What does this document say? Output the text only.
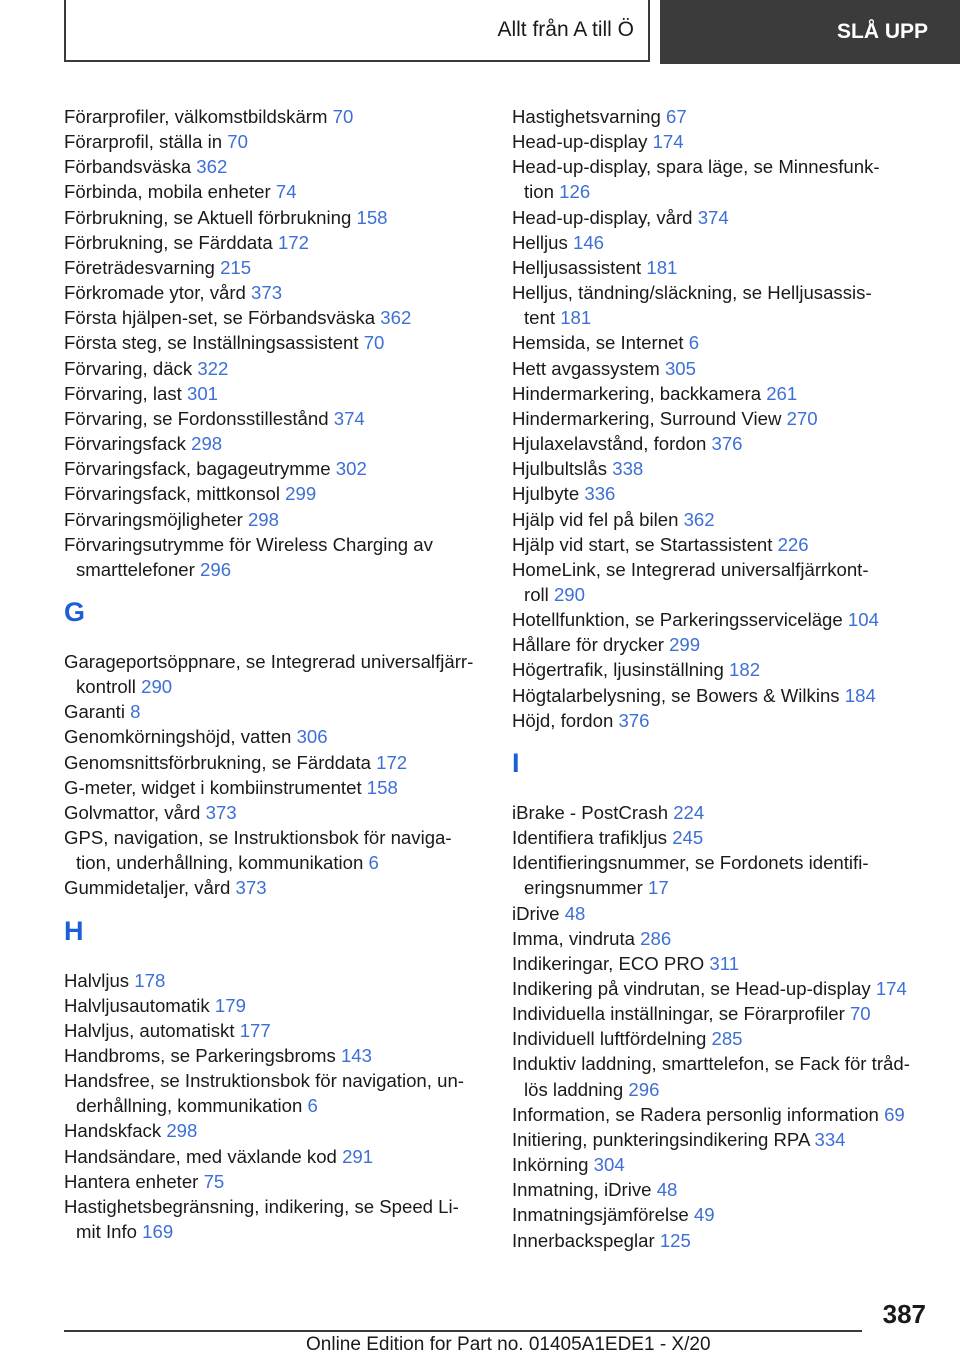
Allt från A till Ö	SLÅ UPP
Förarprofiler, välkomstbildskärm 70
Förarprofil, ställa in 70
Förbandsväska 362
Förbinda, mobila enheter 74
Förbrukning, se Aktuell förbrukning 158
Förbrukning, se Färddata 172
Företrädesvarning 215
Förkromade ytor, vård 373
Första hjälpen-set, se Förbandsväska 362
Första steg, se Inställningsassistent 70
Förvaring, däck 322
Förvaring, last 301
Förvaring, se Fordonsstillestånd 374
Förvaringsfack 298
Förvaringsfack, bagageutrymme 302
Förvaringsfack, mittkonsol 299
Förvaringsmöjligheter 298
Förvaringsutrymme för Wireless Charging av
smarttelefoner 296
G
Garageportsöppnare, se Integrerad universalfjärr-
kontroll 290
Garanti 8
Genomkörningshöjd, vatten 306
Genomsnittsförbrukning, se Färddata 172
G-meter, widget i kombiinstrumentet 158
Golvmattor, vård 373
GPS, navigation, se Instruktionsbok för naviga-
tion, underhållning, kommunikation 6
Gummidetaljer, vård 373
H
Halvljus 178
Halvljusautomatik 179
Halvljus, automatiskt 177
Handbroms, se Parkeringsbroms 143
Handsfree, se Instruktionsbok för navigation, un-
derhållning, kommunikation 6
Handskfack 298
Handsändare, med växlande kod 291
Hantera enheter 75
Hastighetsbegränsning, indikering, se Speed Li-
mit Info 169
Hastighetsvarning 67
Head-up-display 174
Head-up-display, spara läge, se Minnesfunk-
tion 126
Head-up-display, vård 374
Helljus 146
Helljusassistent 181
Helljus, tändning/släckning, se Helljusassis-
tent 181
Hemsida, se Internet 6
Hett avgassystem 305
Hindermarkering, backkamera 261
Hindermarkering, Surround View 270
Hjulaxelavstånd, fordon 376
Hjulbultslås 338
Hjulbyte 336
Hjälp vid fel på bilen 362
Hjälp vid start, se Startassistent 226
HomeLink, se Integrerad universalfjärrkont-
roll 290
Hotellfunktion, se Parkeringsserviceläge 104
Hållare för drycker 299
Högertrafik, ljusinställning 182
Högtalarbelysning, se Bowers & Wilkins 184
Höjd, fordon 376
I
iBrake - PostCrash 224
Identifiera trafikljus 245
Identifieringsnummer, se Fordonets identifi-
eringsnummer 17
iDrive 48
Imma, vindruta 286
Indikeringar, ECO PRO 311
Indikering på vindrutan, se Head-up-display 174
Individuella inställningar, se Förarprofiler 70
Individuell luftfördelning 285
Induktiv laddning, smarttelefon, se Fack för tråd-
lös laddning 296
Information, se Radera personlig information 69
Initiering, punkteringsindikering RPA 334
Inkörning 304
Inmatning, iDrive 48
Inmatningsjämförelse 49
Innerbackspeglar 125
387
Online Edition for Part no. 01405A1EDE1 - X/20
